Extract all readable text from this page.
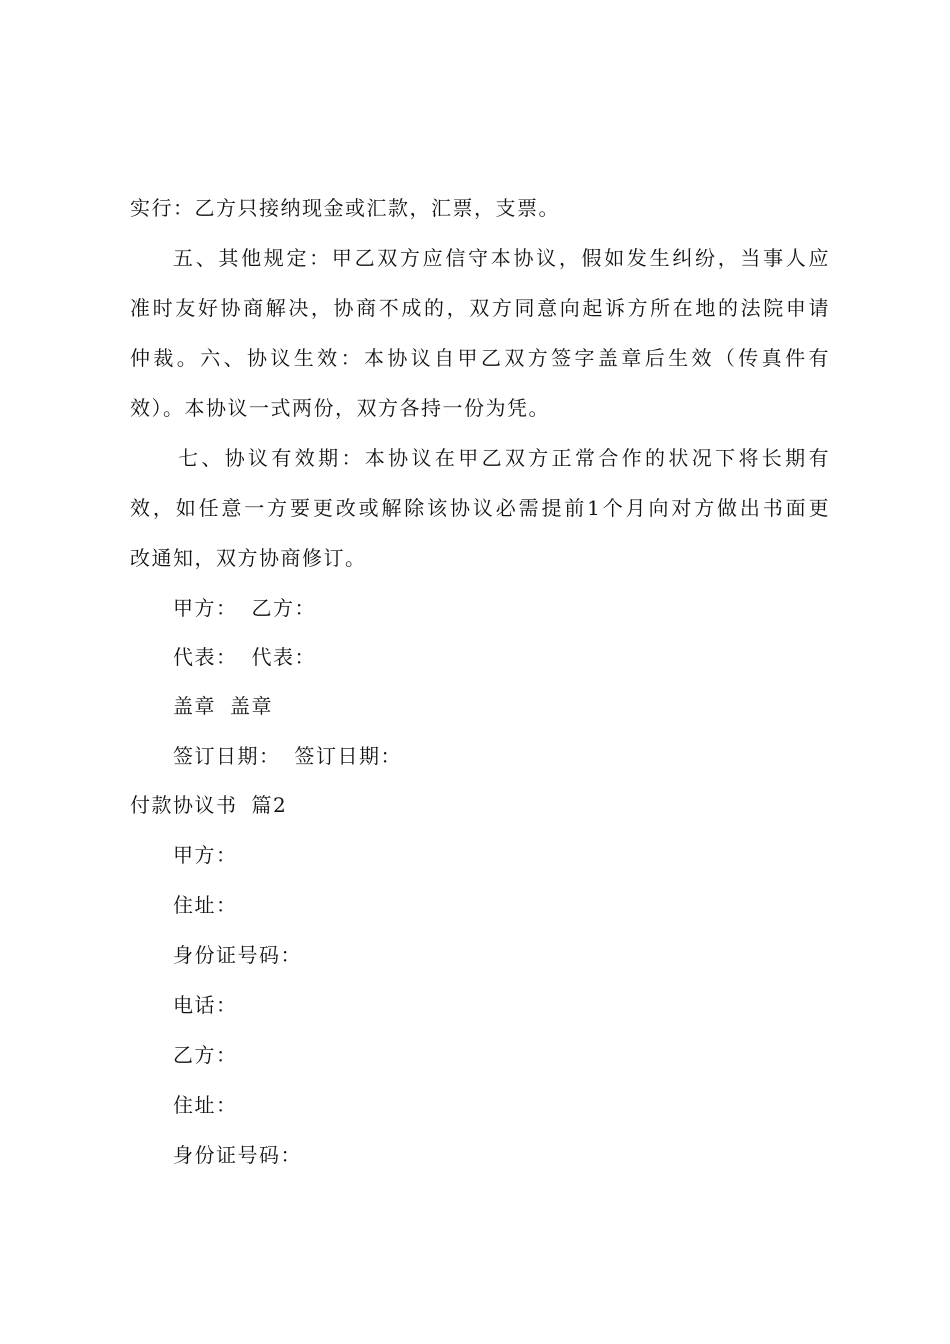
实行：乙方只接纳现金或汇款，汇票，支票。
五、其他规定：甲乙双方应信守本协议，假如发生纠纷，当事人应
准时友好协商解决，协商不成的，双方同意向起诉方所在地的法院申请
仲裁。六、协议生效：本协议自甲乙双方签字盖章后生效（传真件有
效）。本协议一式两份，双方各持一份为凭。
七、协议有效期：本协议在甲乙双方正常合作的状况下将长期有
效，如任意一方要更改或解除该协议必需提前1个月向对方做出书面更
改通知，双方协商修订。
甲方： 乙方：
代表： 代表：
盖章 盖章
签订日期： 签订日期：
付款协议书 篇2
甲方：
住址：
身份证号码：
电话：
乙方：
住址：
身份证号码：
